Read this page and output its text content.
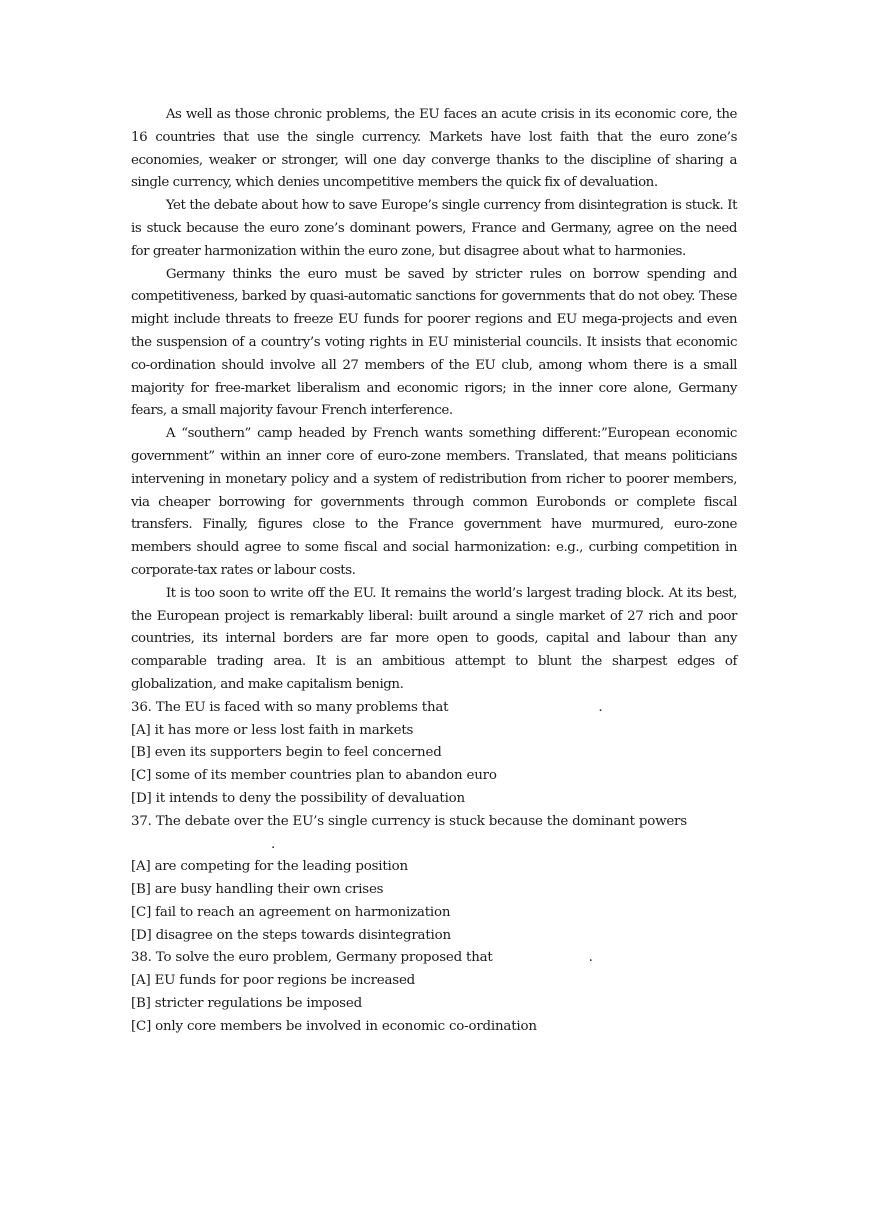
As well as those chronic problems, the EU faces an acute crisis in its economic core, the 16 countries that use the single currency. Markets have lost faith that the euro zone’s economies, weaker or stronger, will one day converge thanks to the discipline of sharing a single currency, which denies uncompetitive members the quick fix of devaluation.

Yet the debate about how to save Europe’s single currency from disintegration is stuck. It is stuck because the euro zone’s dominant powers, France and Germany, agree on the need for greater harmonization within the euro zone, but disagree about what to harmonies.

Germany thinks the euro must be saved by stricter rules on borrow spending and competitiveness, barked by quasi-automatic sanctions for governments that do not obey. These might include threats to freeze EU funds for poorer regions and EU mega-projects and even the suspension of a country’s voting rights in EU ministerial councils. It insists that economic co-ordination should involve all 27 members of the EU club, among whom there is a small majority for free-market liberalism and economic rigors; in the inner core alone, Germany fears, a small majority favour French interference.

A “southern” camp headed by French wants something different:”European economic government” within an inner core of euro-zone members. Translated, that means politicians intervening in monetary policy and a system of redistribution from richer to poorer members, via cheaper borrowing for governments through common Eurobonds or complete fiscal transfers. Finally, figures close to the France government have murmured, euro-zone members should agree to some fiscal and social harmonization: e.g., curbing competition in corporate-tax rates or labour costs.

It is too soon to write off the EU. It remains the world’s largest trading block. At its best, the European project is remarkably liberal: built around a single market of 27 rich and poor countries, its internal borders are far more open to goods, capital and labour than any comparable trading area. It is an ambitious attempt to blunt the sharpest edges of globalization, and make capitalism benign.

36. The EU is faced with so many problems that	.

[A] it has more or less lost faith in markets

[B] even its supporters begin to feel concerned

[C] some of its member countries plan to abandon euro

[D] it intends to deny the possibility of devaluation

37. The debate over the EU’s single currency is stuck because the dominant powers.

[A] are competing for the leading position

[B] are busy handling their own crises

[C] fail to reach an agreement on harmonization

[D] disagree on the steps towards disintegration

38. To solve the euro problem, Germany proposed that	.

[A] EU funds for poor regions be increased

[B] stricter regulations be imposed

[C] only core members be involved in economic co-ordination
